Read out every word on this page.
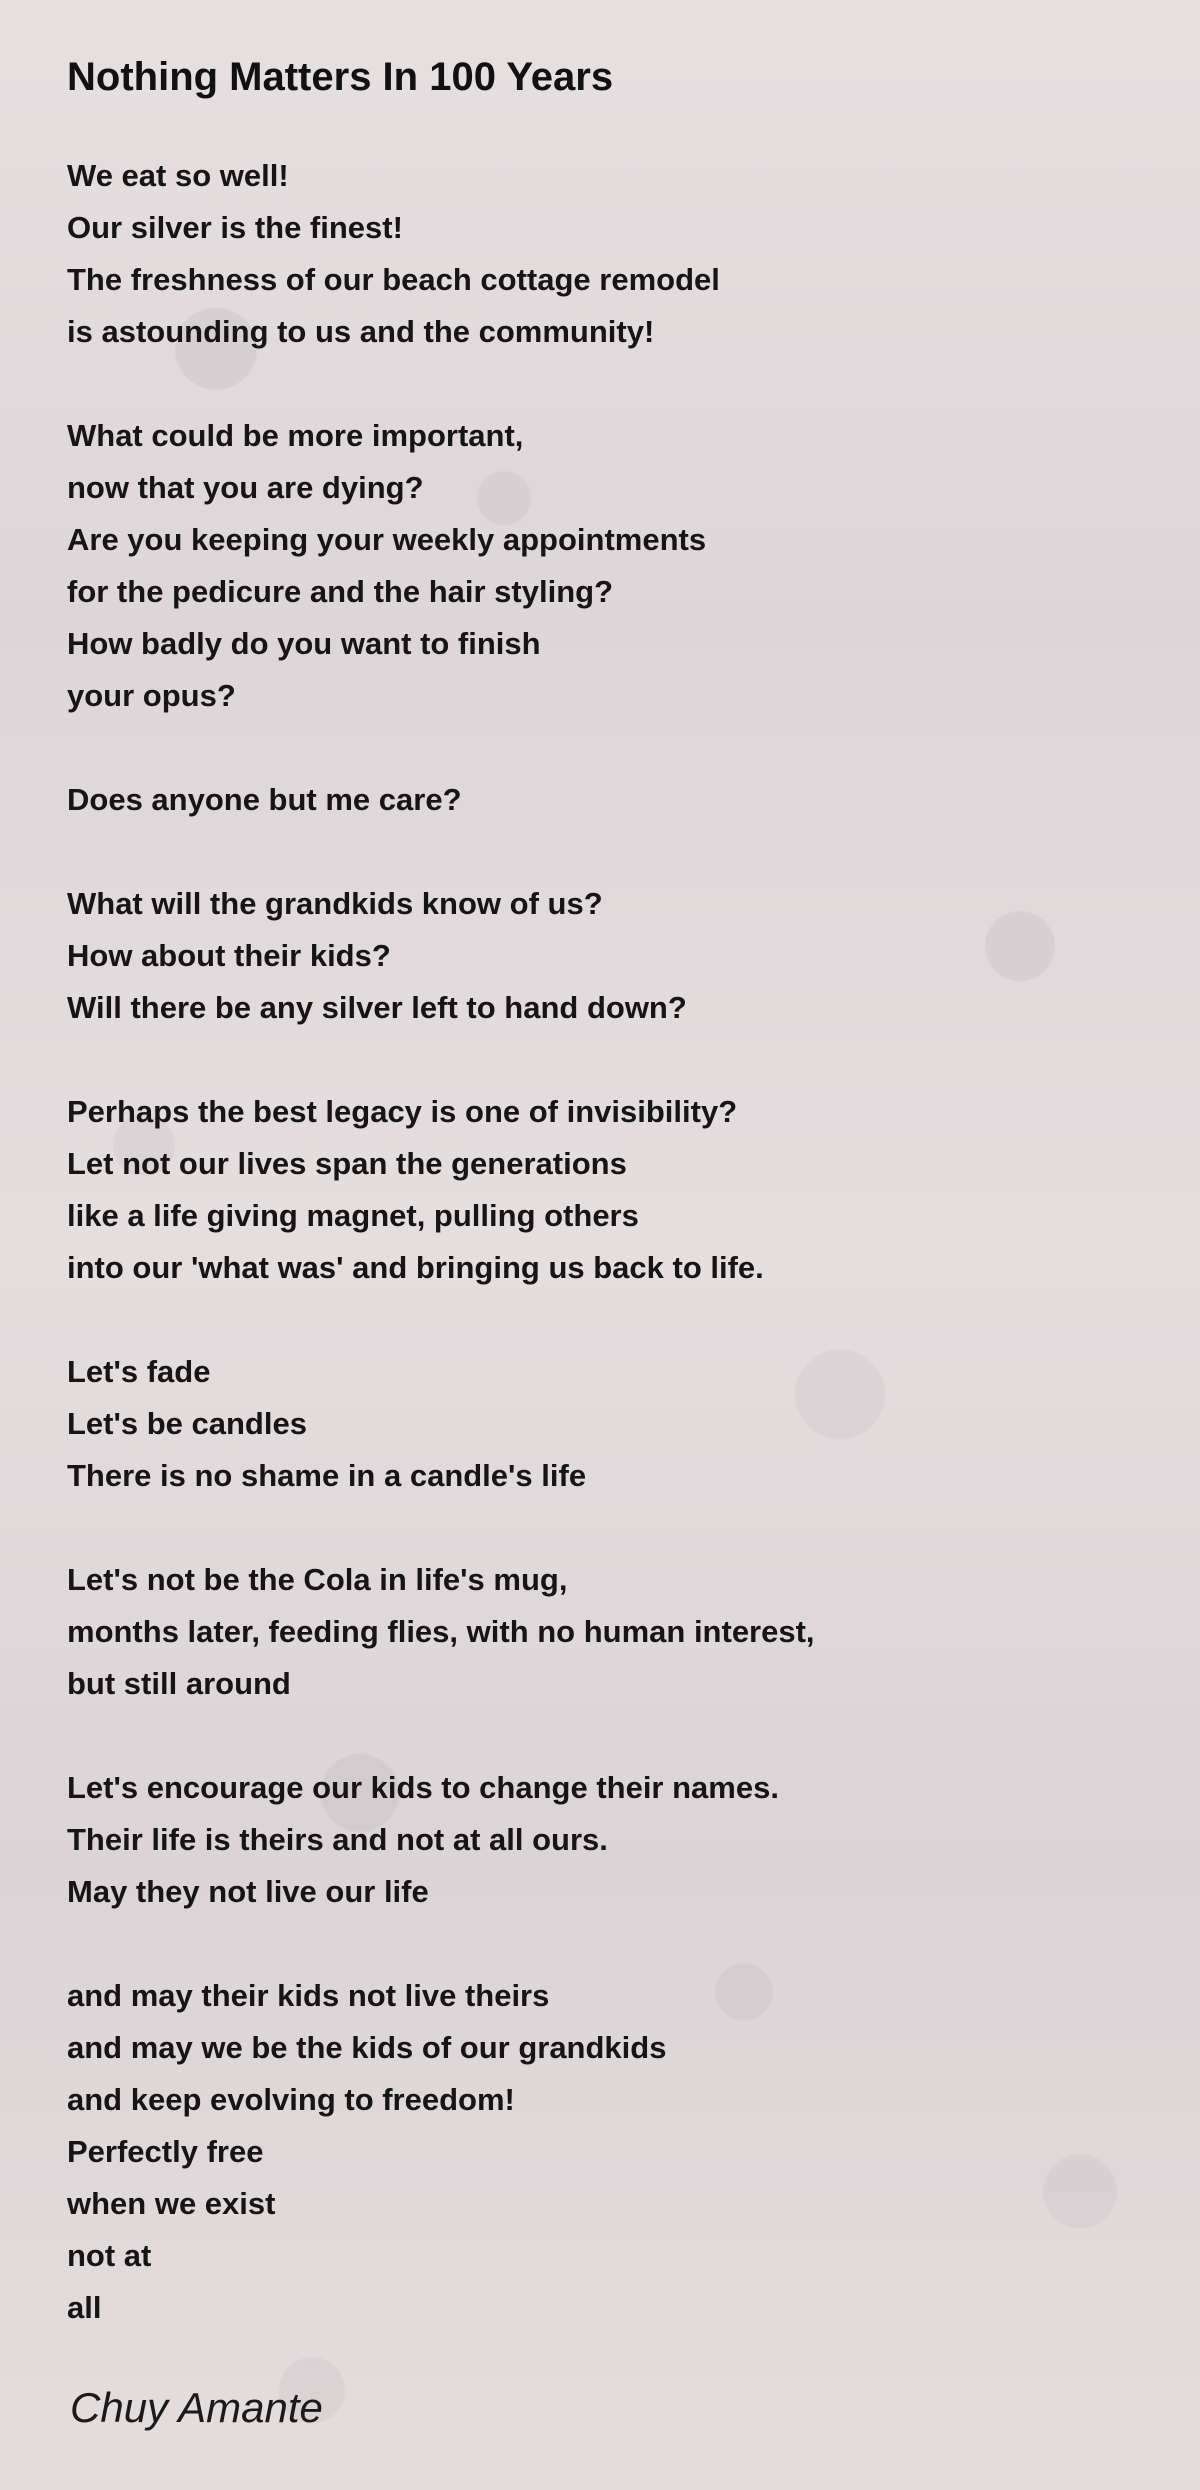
Nothing Matters In 100 Years
We eat so well!
Our silver is the finest!
The freshness of our beach cottage remodel
is astounding to us and the community!
What could be more important,
now that you are dying?
Are you keeping your weekly appointments
for the pedicure and the hair styling?
How badly do you want to finish
your opus?
Does anyone but me care?
What will the grandkids know of us?
How about their kids?
Will there be any silver left to hand down?
Perhaps the best legacy is one of invisibility?
Let not our lives span the generations
like a life giving magnet, pulling others
into our 'what was' and bringing us back to life.
Let's fade
Let's be candles
There is no shame in a candle's life
Let's not be the Cola in life's mug,
months later, feeding flies, with no human interest,
but still around
Let's encourage our kids to change their names.
Their life is theirs and not at all ours.
May they not live our life
and may their kids not live theirs
and may we be the kids of our grandkids
and keep evolving to freedom!
Perfectly free
when we exist
not at
all
Chuy Amante
